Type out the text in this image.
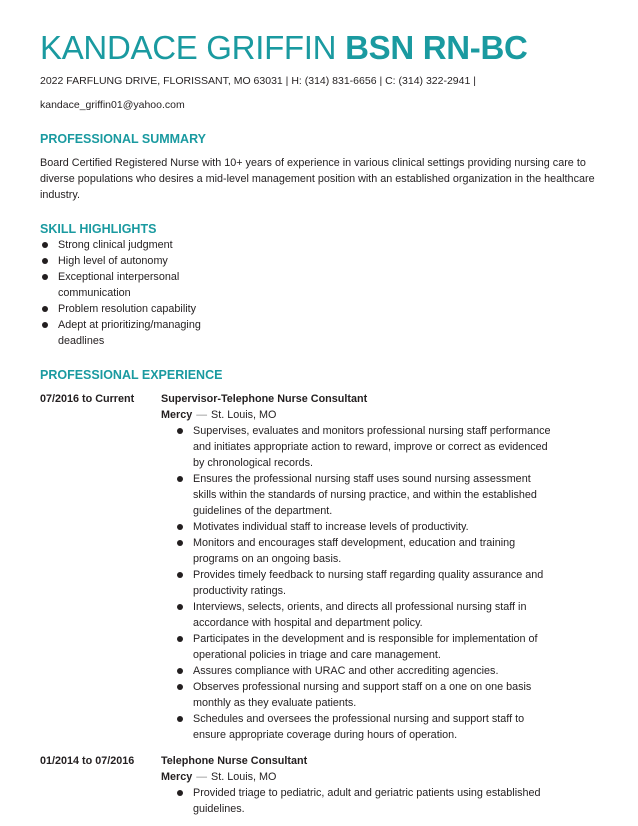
KANDACE GRIFFIN BSN RN-BC
2022 FARFLUNG DRIVE, FLORISSANT, MO 63031 | H: (314) 831-6656 | C: (314) 322-2941 |
kandace_griffin01@yahoo.com
PROFESSIONAL SUMMARY
Board Certified Registered Nurse with 10+ years of experience in various clinical settings providing nursing care to diverse populations who desires a mid-level management position with an established organization in the healthcare industry.
SKILL HIGHLIGHTS
Strong clinical judgment
High level of autonomy
Exceptional interpersonal communication
Problem resolution capability
Adept at prioritizing/managing deadlines
PROFESSIONAL EXPERIENCE
07/2016 to Current	Supervisor-Telephone Nurse Consultant
Mercy — St. Louis, MO
Supervises, evaluates and monitors professional nursing staff performance and initiates appropriate action to reward, improve or correct as evidenced by chronological records.
Ensures the professional nursing staff uses sound nursing assessment skills within the standards of nursing practice, and within the established guidelines of the department.
Motivates individual staff to increase levels of productivity.
Monitors and encourages staff development, education and training programs on an ongoing basis.
Provides timely feedback to nursing staff regarding quality assurance and productivity ratings.
Interviews, selects, orients, and directs all professional nursing staff in accordance with hospital and department policy.
Participates in the development and is responsible for implementation of operational policies in triage and care management.
Assures compliance with URAC and other accrediting agencies.
Observes professional nursing and support staff on a one on one basis monthly as they evaluate patients.
Schedules and oversees the professional nursing and support staff to ensure appropriate coverage during hours of operation.
01/2014 to 07/2016	Telephone Nurse Consultant
Mercy — St. Louis, MO
Provided triage to pediatric, adult and geriatric patients using established guidelines.
